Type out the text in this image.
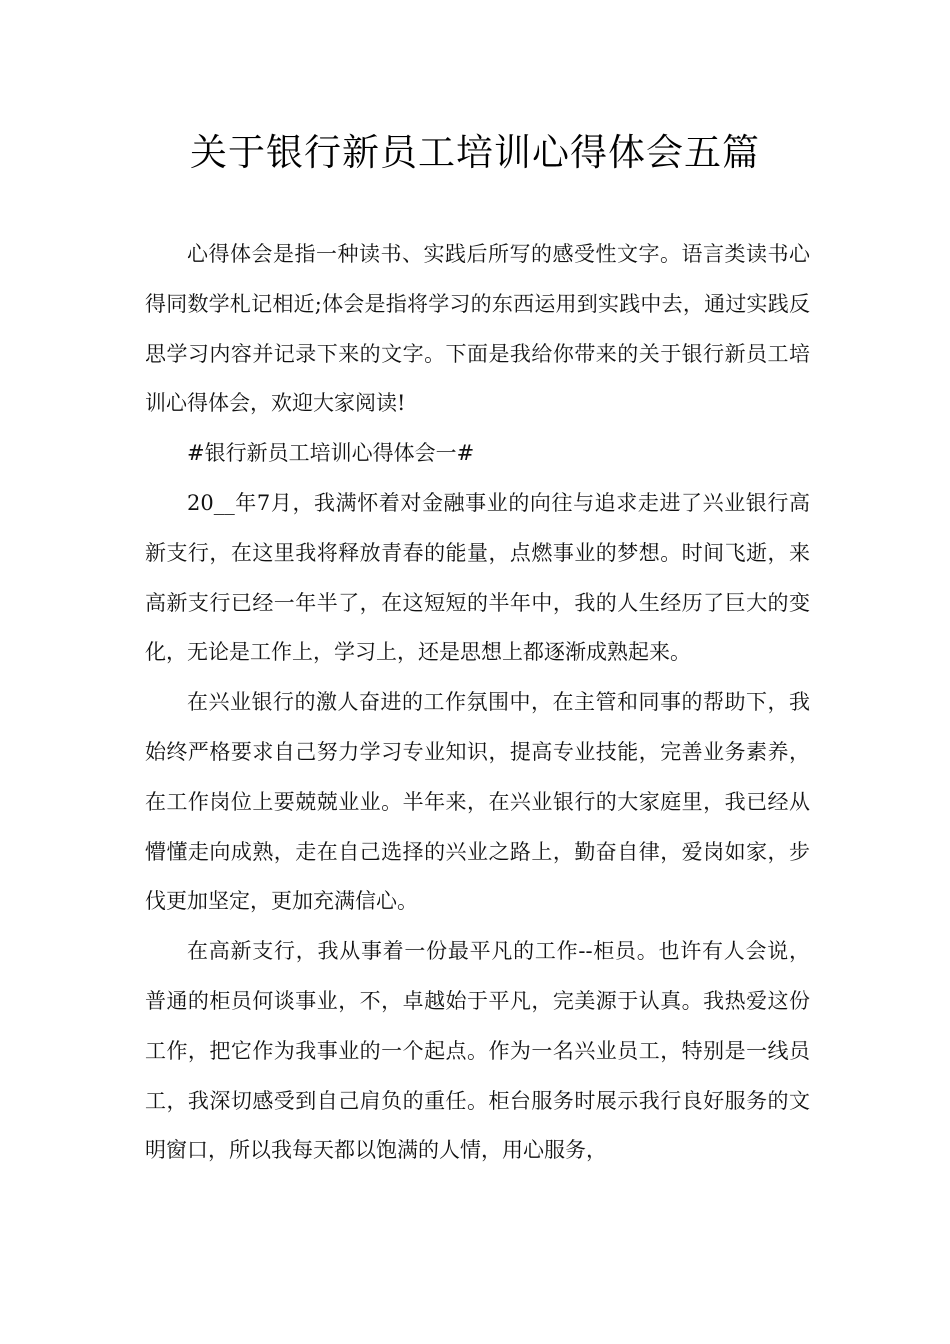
关于银行新员工培训心得体会五篇

心得体会是指一种读书、实践后所写的感受性文字。语言类读书心得同数学札记相近;体会是指将学习的东西运用到实践中去，通过实践反思学习内容并记录下来的文字。下面是我给你带来的关于银行新员工培训心得体会，欢迎大家阅读!

#银行新员工培训心得体会一#

20__年7月，我满怀着对金融事业的向往与追求走进了兴业银行高新支行，在这里我将释放青春的能量，点燃事业的梦想。时间飞逝，来高新支行已经一年半了，在这短短的半年中，我的人生经历了巨大的变化，无论是工作上，学习上，还是思想上都逐渐成熟起来。

在兴业银行的激人奋进的工作氛围中，在主管和同事的帮助下，我始终严格要求自己努力学习专业知识，提高专业技能，完善业务素养，在工作岗位上要兢兢业业。半年来，在兴业银行的大家庭里，我已经从懵懂走向成熟，走在自己选择的兴业之路上，勤奋自律，爱岗如家，步伐更加坚定，更加充满信心。

在高新支行，我从事着一份最平凡的工作--柜员。也许有人会说，普通的柜员何谈事业，不，卓越始于平凡，完美源于认真。我热爱这份工作，把它作为我事业的一个起点。作为一名兴业员工，特别是一线员工，我深切感受到自己肩负的重任。柜台服务时展示我行良好服务的文明窗口，所以我每天都以饱满的人情，用心服务，
